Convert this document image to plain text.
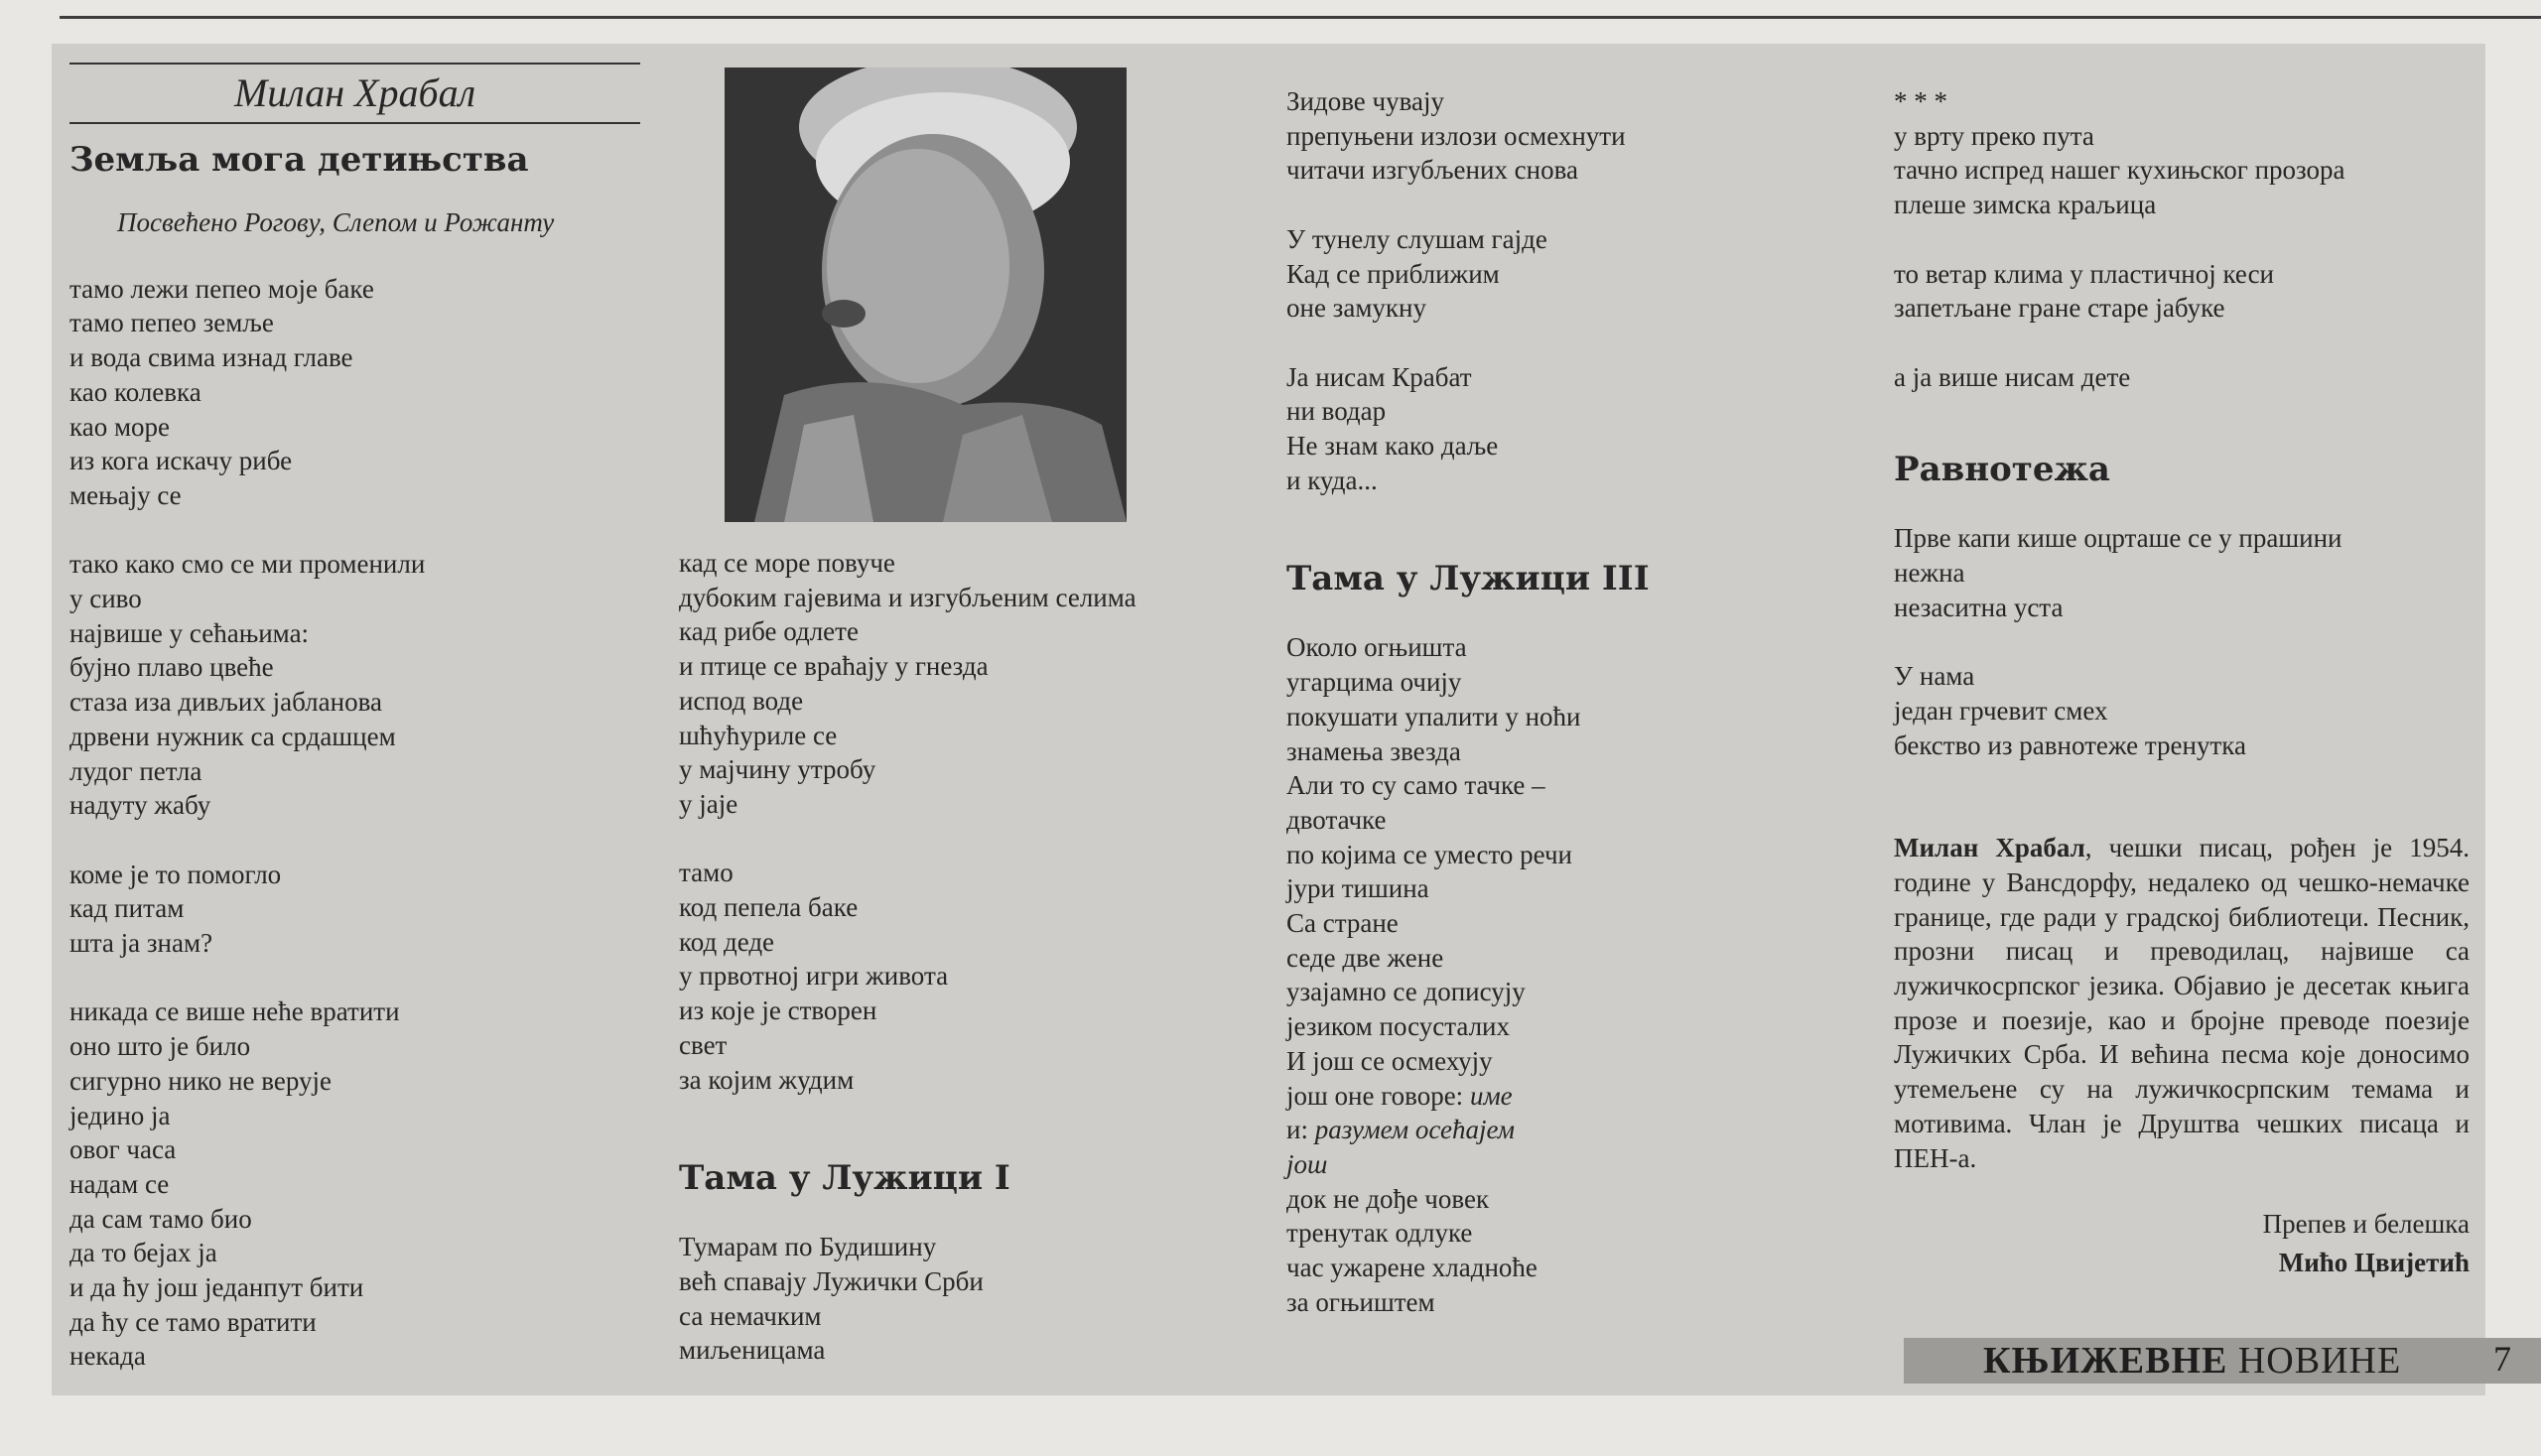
Милан Храбал
Земља мога детињства
Посвећено Рогову, Слепом и Рожанту

тамо лежи пепео моје баке
тамо пепео земље
и вода свима изнад главе
као колевка
као море
из кога искачу рибе
мењају се

тако како смо се ми променили
у сиво
највише у сећањима:
бујно плаво цвеће
стаза иза дивљих јабланова
дрвени нужник са срдашцем
лудог петла
надуту жабу

коме је то помогло
кад питам
шта ја знам?

никада се више неће вратити
оно што је било
сигурно нико не верује
једино ја
овог часа
надам се
да сам тамо био
да то бејах ја
и да ћу још једанпут бити
да ћу се тамо вратити
некада

кад се море повуче
дубоким гајевима и изгубљеним селима
кад рибе одлете
и птице се враћају у гнезда
испод воде
шћућуриле се
у мајчину утробу
у јаје

тамо
код пепела баке
код деде
у првотној игри живота
из које је створен
свет
за којим жудим

Тама у Лужици I

Тумарам по Будишину
већ спавају Лужички Срби
са немачким
миљеницама

Зидове чувају
препуњени излози осмехнути
читачи изгубљених снова

У тунелу слушам гајде
Кад се приближим
оне замукну

Ја нисам Крабат
ни водар
Не знам како даље
и куда...

Тама у Лужици III

Около огњишта
угарцима очију
покушати упалити у ноћи
знамења звезда
Али то су само тачке –
двотачке
по којима се уместо речи
јури тишина
Са стране
седе две жене
узајамно се дописују
језиком посусталих
И још се осмехују
још оне говоре: име
и: разумем осећајем
још
док не дође човек
тренутак одлуке
час ужарене хладноће
за огњиштем

* * *
у врту преко пута
тачно испред нашег кухињског прозора
плеше зимска краљица

то ветар клима у пластичној кеси
запетљане гране старе јабуке

а ја више нисам дете

Равнотежа

Прве капи кише оцрташе се у прашини
нежна
незаситна уста

У нама
један грчевит смех
бекство из равнотеже тренутка

Милан Храбал, чешки писац, рођен је 1954. године у Вансдорфу, недалеко од чешко-немачке границе, где ради у градској библиотеци. Песник, прозни писац и преводилац, највише са лужичкосрпског језика. Објавио је десетак књига прозе и поезије, као и бројне преводе поезије Лужичких Срба. И већина песма које доносимо утемељене су на лужичкосрпским темама и мотивима. Члан је Друштва чешких писаца и ПЕН-а.

Препев и белешка
Мићо Цвијетић
КЊИЖЕВНЕ НОВИНЕ	7
